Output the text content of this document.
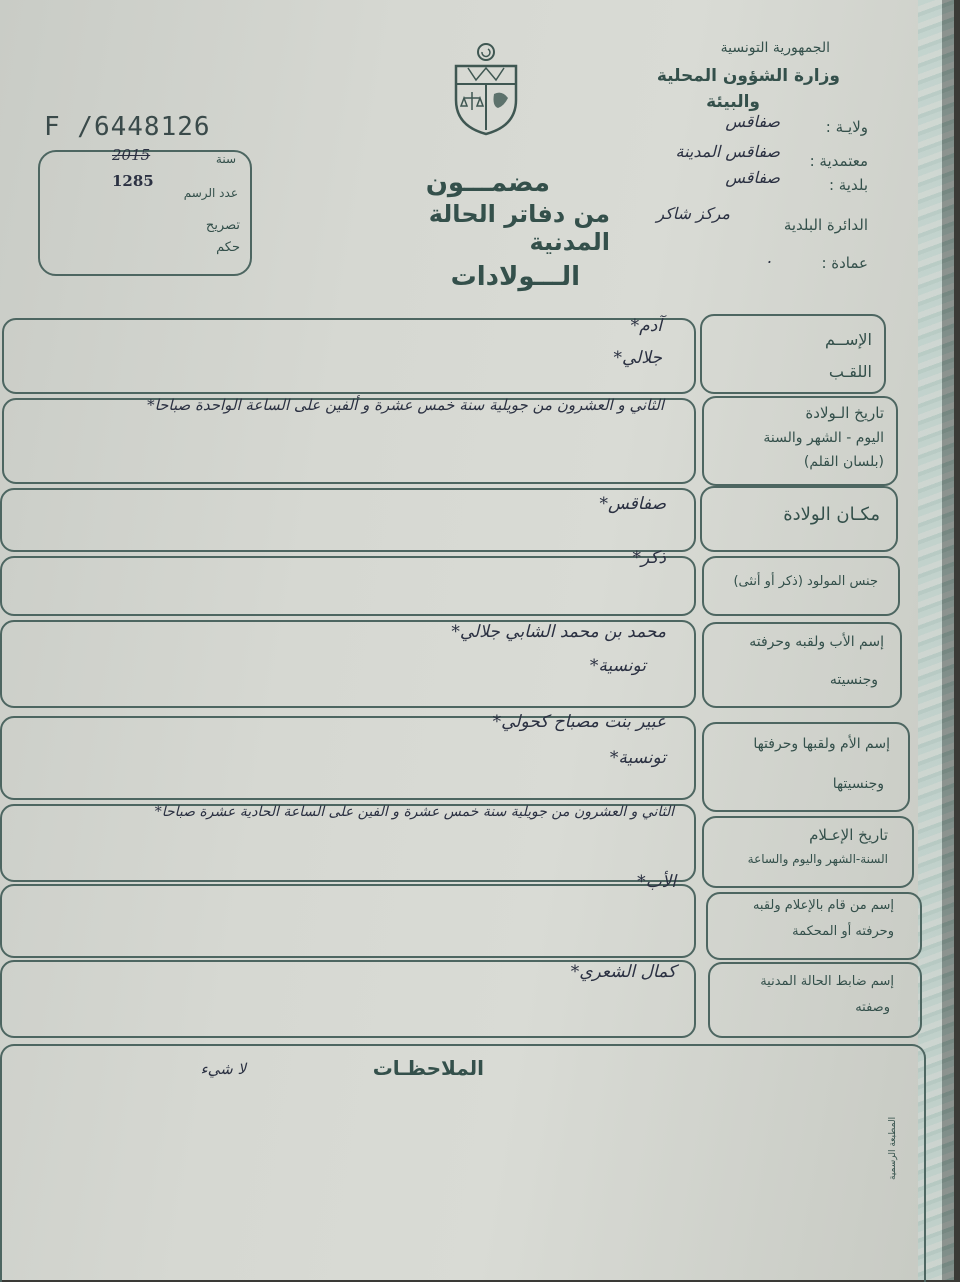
الجمهورية التونسية
وزارة الشؤون المحلية
والبيئة
ولايـة :
صفاقس
معتمدية :
صفاقس المدينة
بلدية :
صفاقس
الدائرة البلدية
مركز شاكر
عمادة :
.
F /6448126
2015	سنة
1285
عدد الرسم
تصريح
حكم
مضمـــون
من دفاتر الحالة المدنية
الـــولادات
الإســم
اللقـب
آدم*
جلالي*
تاريخ الـولادة
اليوم - الشهر والسنة
(بلسان القلم)
الثاني و العشرون من جويلية سنة خمس عشرة و ألفين على الساعة الواحدة صباحا*
مكـان الولادة
صفاقس*
جنس المولود (ذكر أو أنثى)
ذكر*
إسم الأب ولقبه وحرفته
وجنسيته
محمد بن محمد الشابي جلالي*
تونسية*
إسم الأم ولقبها وحرفتها
وجنسيتها
عبير بنت مصباح كحولي*
تونسية*
تاريخ الإعـلام
السنة-الشهر واليوم والساعة
الثاني و العشرون من جويلية سنة خمس عشرة و الفين على الساعة الحادية عشرة صباحا*
إسم من قام بالإعلام ولقبه
وحرفته أو المحكمة
الأب*
إسم ضابط الحالة المدنية
وصفته
كمال الشعري*
الملاحظـات
لا شيء
المطبعة الرسمية
